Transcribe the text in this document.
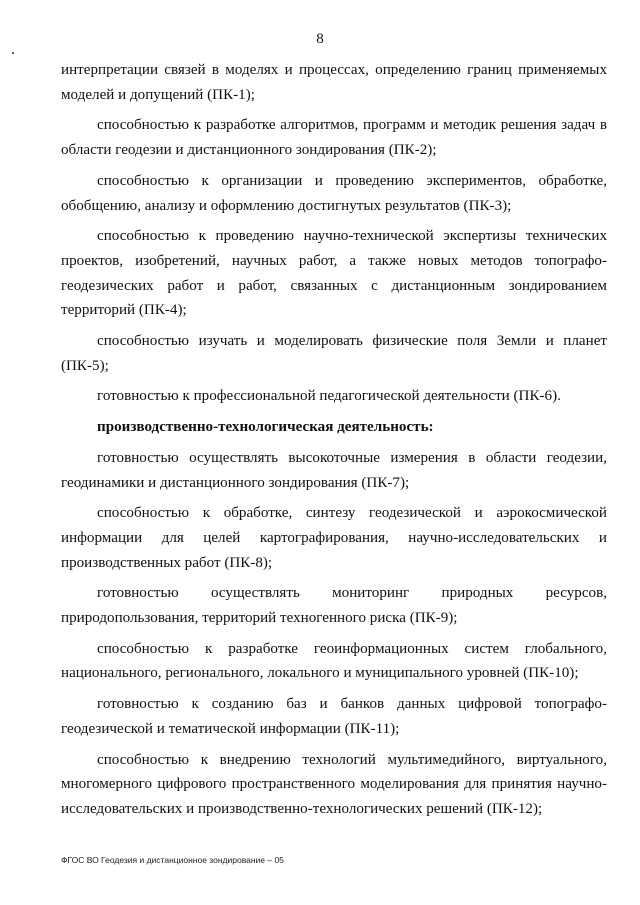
8

интерпретации связей в моделях и процессах, определению границ применяемых моделей и допущений (ПК-1);

способностью к разработке алгоритмов, программ и методик решения задач в области геодезии и дистанционного зондирования (ПК-2);

способностью к организации и проведению экспериментов, обработке, обобщению, анализу и оформлению достигнутых результатов (ПК-3);

способностью к проведению научно-технической экспертизы технических проектов, изобретений, научных работ, а также новых методов топографо-геодезических работ и работ, связанных с дистанционным зондированием территорий (ПК-4);

способностью изучать и моделировать физические поля Земли и планет (ПК-5);

готовностью к профессиональной педагогической деятельности (ПК-6).

производственно-технологическая деятельность:

готовностью осуществлять высокоточные измерения в области геодезии, геодинамики и дистанционного зондирования (ПК-7);

способностью к обработке, синтезу геодезической и аэрокосмической информации для целей картографирования, научно-исследовательских и производственных работ (ПК-8);

готовностью осуществлять мониторинг природных ресурсов, природопользования, территорий техногенного риска (ПК-9);

способностью к разработке геоинформационных систем глобального, национального, регионального, локального и муниципального уровней (ПК-10);

готовностью к созданию баз и банков данных цифровой топографо-геодезической и тематической информации (ПК-11);

способностью к внедрению технологий мультимедийного, виртуального, многомерного цифрового пространственного моделирования для принятия научно-исследовательских и производственно-технологических решений (ПК-12);

ФГОС ВО Геодезия и дистанционное зондирование – 05
